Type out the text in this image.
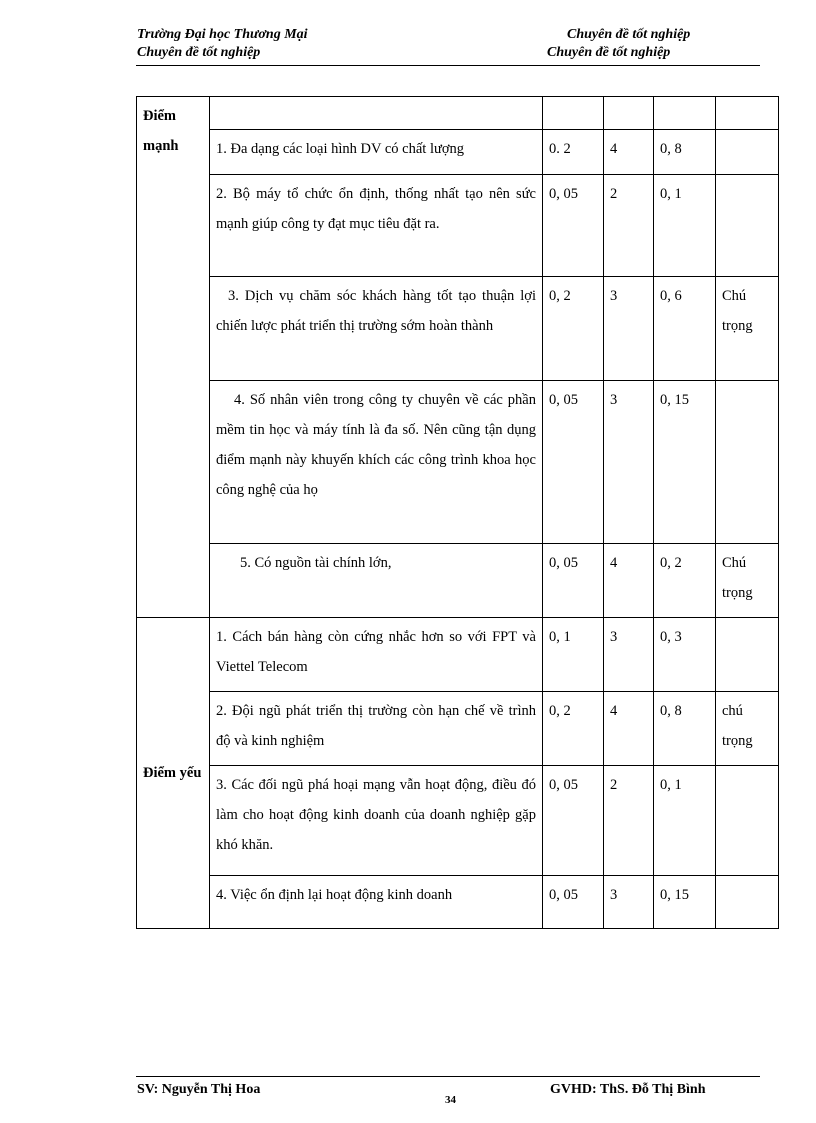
Trường Đại học Thương Mại	Chuyên đề tốt nghiệp
Chuyên đề tốt nghiệp	Chuyên đề tốt nghiệp
Điểm mạnh					
	1. Đa dạng các loại hình DV có chất lượng	0. 2	4	0, 8	
	2. Bộ máy tổ chức ổn định, thống nhất tạo nên sức mạnh giúp công ty đạt mục tiêu đặt ra.	0, 05	2	0, 1	
	3. Dịch vụ chăm sóc khách hàng tốt tạo thuận lợi chiến lược phát triển thị trường sớm hoàn thành	0, 2	3	0, 6	Chú trọng
	4. Số nhân viên trong công ty chuyên về các phần mềm tin học và máy tính là đa số. Nên cũng tận dụng điểm mạnh này khuyến khích các công trình khoa học công nghệ của họ	0, 05	3	0, 15	
	5. Có nguồn tài chính lớn,	0, 05	4	0, 2	Chú trọng
Điểm yếu	1. Cách bán hàng còn cứng nhắc hơn so với FPT và Viettel Telecom	0, 1	3	0, 3	
	2. Đội ngũ phát triển thị trường còn hạn chế về trình độ và kinh nghiệm	0, 2	4	0, 8	chú trọng
	3. Các đối ngũ phá hoại mạng vẫn hoạt động, điều đó làm cho hoạt động kinh doanh của doanh nghiệp gặp khó khăn.	0, 05	2	0, 1	
	4. Việc ổn định lại hoạt động kinh doanh	0, 05	3	0, 15	
SV: Nguyễn Thị Hoa
34
GVHD: ThS. Đỗ Thị Bình
